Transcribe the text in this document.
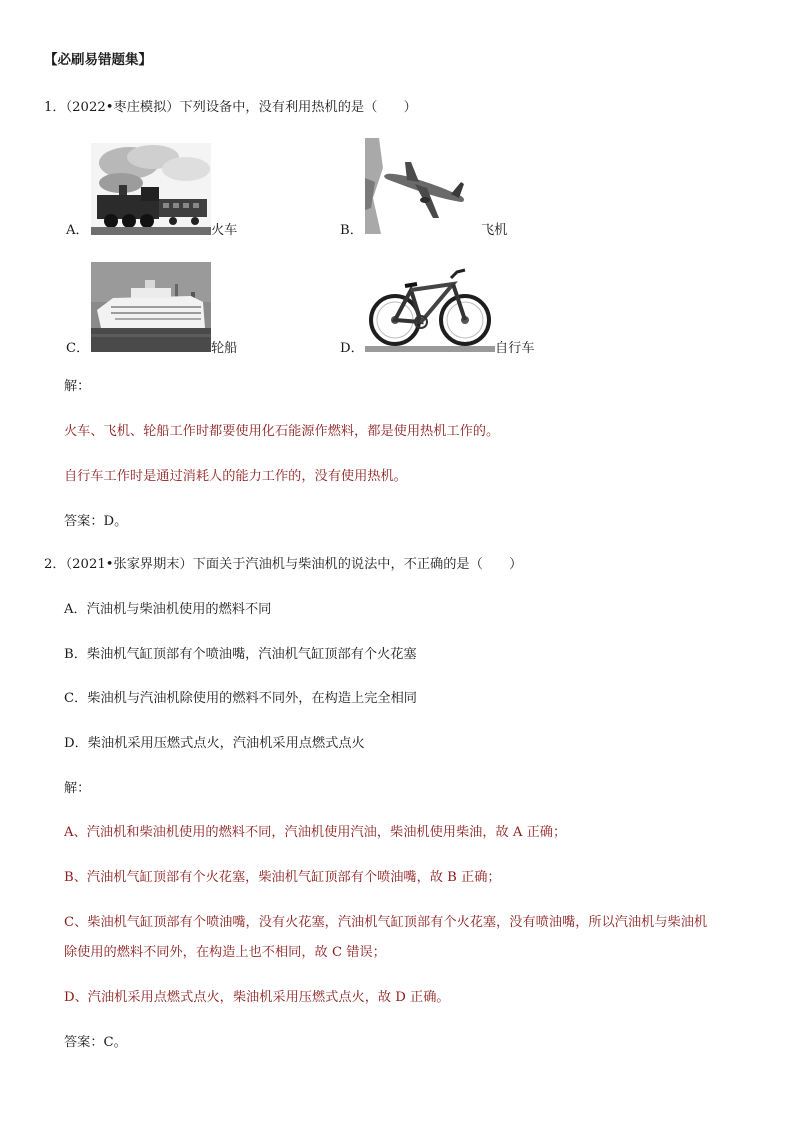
【必刷易错题集】
1．（2022•枣庄模拟）下列设备中，没有利用热机的是（　　）
A．	火车	B．	飞机
C．	轮船	D．	自行车
解：
火车、飞机、轮船工作时都要使用化石能源作燃料，都是使用热机工作的。
自行车工作时是通过消耗人的能力工作的，没有使用热机。
答案：D。
2．（2021•张家界期末）下面关于汽油机与柴油机的说法中，不正确的是（　　）
A．汽油机与柴油机使用的燃料不同
B．柴油机气缸顶部有个喷油嘴，汽油机气缸顶部有个火花塞
C．柴油机与汽油机除使用的燃料不同外，在构造上完全相同
D．柴油机采用压燃式点火，汽油机采用点燃式点火
解：
A、汽油机和柴油机使用的燃料不同，汽油机使用汽油，柴油机使用柴油，故 A 正确；
B、汽油机气缸顶部有个火花塞，柴油机气缸顶部有个喷油嘴，故 B 正确；
C、柴油机气缸顶部有个喷油嘴，没有火花塞，汽油机气缸顶部有个火花塞，没有喷油嘴，所以汽油机与柴油机
除使用的燃料不同外，在构造上也不相同，故 C 错误；
D、汽油机采用点燃式点火，柴油机采用压燃式点火，故 D 正确。
答案：C。
